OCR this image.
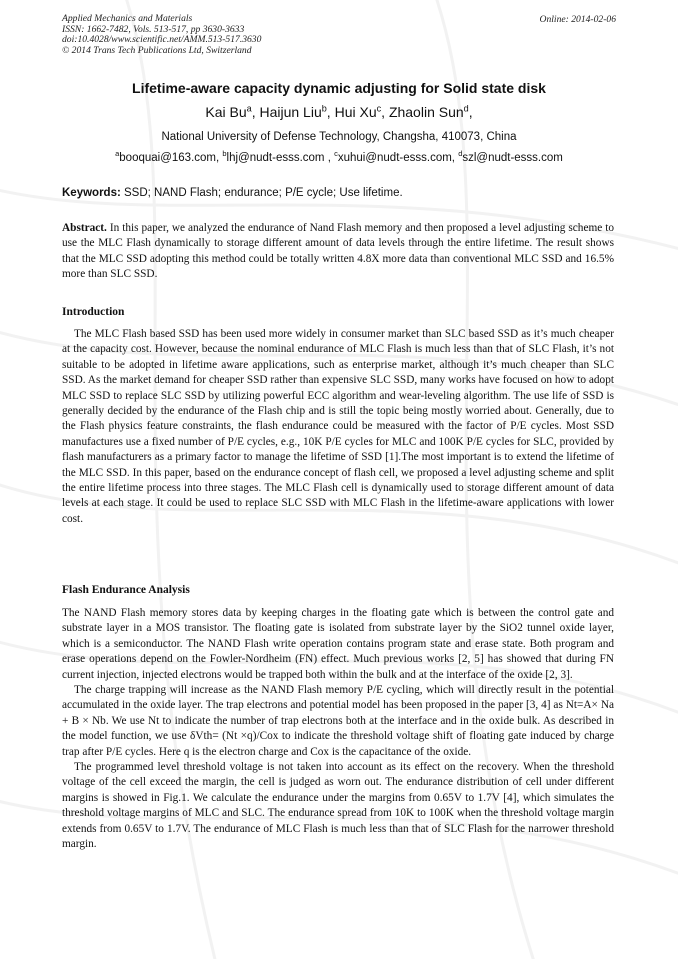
Applied Mechanics and Materials
ISSN: 1662-7482, Vols. 513-517, pp 3630-3633
doi:10.4028/www.scientific.net/AMM.513-517.3630
© 2014 Trans Tech Publications Ltd, Switzerland
Online: 2014-02-06
Lifetime-aware capacity dynamic adjusting for Solid state disk
Kai Bu$^a$, Haijun Liu$^b$, Hui Xu$^c$, Zhaolin Sun$^d$,
National University of Defense Technology, Changsha, 410073, China
$^a$booquai@163.com, $^b$lhj@nudt-esss.com , $^c$xuhui@nudt-esss.com, $^d$szl@nudt-esss.com
Keywords: SSD; NAND Flash; endurance; P/E cycle; Use lifetime.

Abstract. In this paper, we analyzed the endurance of Nand Flash memory and then proposed a level adjusting scheme to use the MLC Flash dynamically to storage different amount of data levels through the entire lifetime. The result shows that the MLC SSD adopting this method could be totally written 4.8X more data than conventional MLC SSD and 16.5% more than SLC SSD.

Introduction

The MLC Flash based SSD has been used more widely in consumer market than SLC based SSD as it’s much cheaper at the capacity cost. However, because the nominal endurance of MLC Flash is much less than that of SLC Flash, it’s not suitable to be adopted in lifetime aware applications, such as enterprise market, although it’s much cheaper than SLC SSD. As the market demand for cheaper SSD rather than expensive SLC SSD, many works have focused on how to adopt MLC SSD to replace SLC SSD by utilizing powerful ECC algorithm and wear-leveling algorithm. The use life of SSD is generally decided by the endurance of the Flash chip and is still the topic being mostly worried about. Generally, due to the Flash physics feature constraints, the flash endurance could be measured with the factor of P/E cycles. Most SSD manufactures use a fixed number of P/E cycles, e.g., 10K P/E cycles for MLC and 100K P/E cycles for SLC, provided by flash manufacturers as a primary factor to manage the lifetime of SSD [1].The most important is to extend the lifetime of the MLC SSD. In this paper, based on the endurance concept of flash cell, we proposed a level adjusting scheme and split the entire lifetime process into three stages. The MLC Flash cell is dynamically used to storage different amount of data levels at each stage. It could be used to replace SLC SSD with MLC Flash in the lifetime-aware applications with lower cost.

Flash Endurance Analysis

The NAND Flash memory stores data by keeping charges in the floating gate which is between the control gate and substrate layer in a MOS transistor. The floating gate is isolated from substrate layer by the SiO2 tunnel oxide layer, which is a semiconductor. The NAND Flash write operation contains program state and erase state. Both program and erase operations depend on the Fowler-Nordheim (FN) effect. Much previous works [2, 5] has showed that during FN current injection, injected electrons would be trapped both within the bulk and at the interface of the oxide [2, 3].

The charge trapping will increase as the NAND Flash memory P/E cycling, which will directly result in the potential accumulated in the oxide layer. The trap electrons and potential model has been proposed in the paper [3, 4] as Nt=A× Na + B × Nb. We use Nt to indicate the number of trap electrons both at the interface and in the oxide bulk. As described in the model function, we use δVth= (Nt ×q)/Cox to indicate the threshold voltage shift of floating gate induced by charge trap after P/E cycles. Here q is the electron charge and Cox is the capacitance of the oxide.

The programmed level threshold voltage is not taken into account as its effect on the recovery. When the threshold voltage of the cell exceed the margin, the cell is judged as worn out. The endurance distribution of cell under different margins is showed in Fig.1. We calculate the endurance under the margins from 0.65V to 1.7V [4], which simulates the threshold voltage margins of MLC and SLC. The endurance spread from 10K to 100K when the threshold voltage margin extends from 0.65V to 1.7V. The endurance of MLC Flash is much less than that of SLC Flash for the narrower threshold margin.
